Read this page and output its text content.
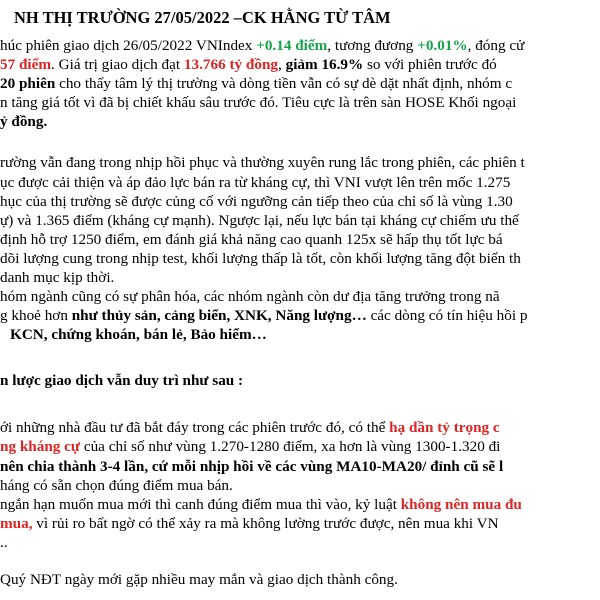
NH THỊ TRƯỜNG 27/05/2022 –CK HẰNG TỪ TÂM
húc phiên giao dịch 26/05/2022 VNIndex +0.14 điểm, tương đương +0.01%, đóng cử
57 điểm. Giá trị giao dịch đạt 13.766 tỷ đồng, giảm 16.9% so với phiên trước đó
20 phiên cho thấy tâm lý thị trường và dòng tiền vẫn có sự dè dặt nhất định, nhóm c
n tăng giá tốt vì đã bị chiết khấu sâu trước đó. Tiêu cực là trên sàn HOSE Khối ngoại
ỷ đồng.
rường vẫn đang trong nhịp hồi phục và thường xuyên rung lắc trong phiên, các phiên t
ục được cải thiện và áp đảo lực bán ra từ kháng cự, thì VNI vượt lên trên mốc 1.275
hục của thị trường sẽ được củng cố với ngưỡng cản tiếp theo của chỉ số là vùng 1.30
ự) và 1.365 điểm (kháng cự mạnh). Ngược lại, nếu lực bán tại kháng cự chiếm ưu thế
định hỗ trợ 1250 điểm, em đánh giá khả năng cao quanh 125x sẽ hấp thụ tốt lực bá
dõi lượng cung trong nhịp test, khối lượng thấp là tốt, còn khối lượng tăng đột biến th
danh mục kịp thời.
hóm ngành cũng có sự phân hóa, các nhóm ngành còn dư địa tăng trưởng trong nă
g khoẻ hơn như thủy sản, cảng biển, XNK, Năng lượng… các dòng có tín hiệu hồi p
KCN, chứng khoán, bán lẻ, Bảo hiểm…
n lược giao dịch vẫn duy trì như sau :
ới những nhà đầu tư đã bắt đáy trong các phiên trước đó, có thể hạ dần tỷ trọng c
ng kháng cự của chỉ số như vùng 1.270-1280 điểm, xa hơn là vùng 1300-1.320 đi
nên chia thành 3-4 lần, cứ mỗi nhịp hồi về các vùng MA10-MA20/ đỉnh cũ sẽ l
háng có sẵn chọn đúng điểm mua bán.
ngắn hạn muốn mua mới thì canh đúng điểm mua thì vào, kỷ luật không nên mua đu
mua, vì rủi ro bất ngờ có thể xảy ra mà không lường trước được, nên mua khi VN
..
Quý NĐT ngày mới gặp nhiều may mắn và giao dịch thành công.
